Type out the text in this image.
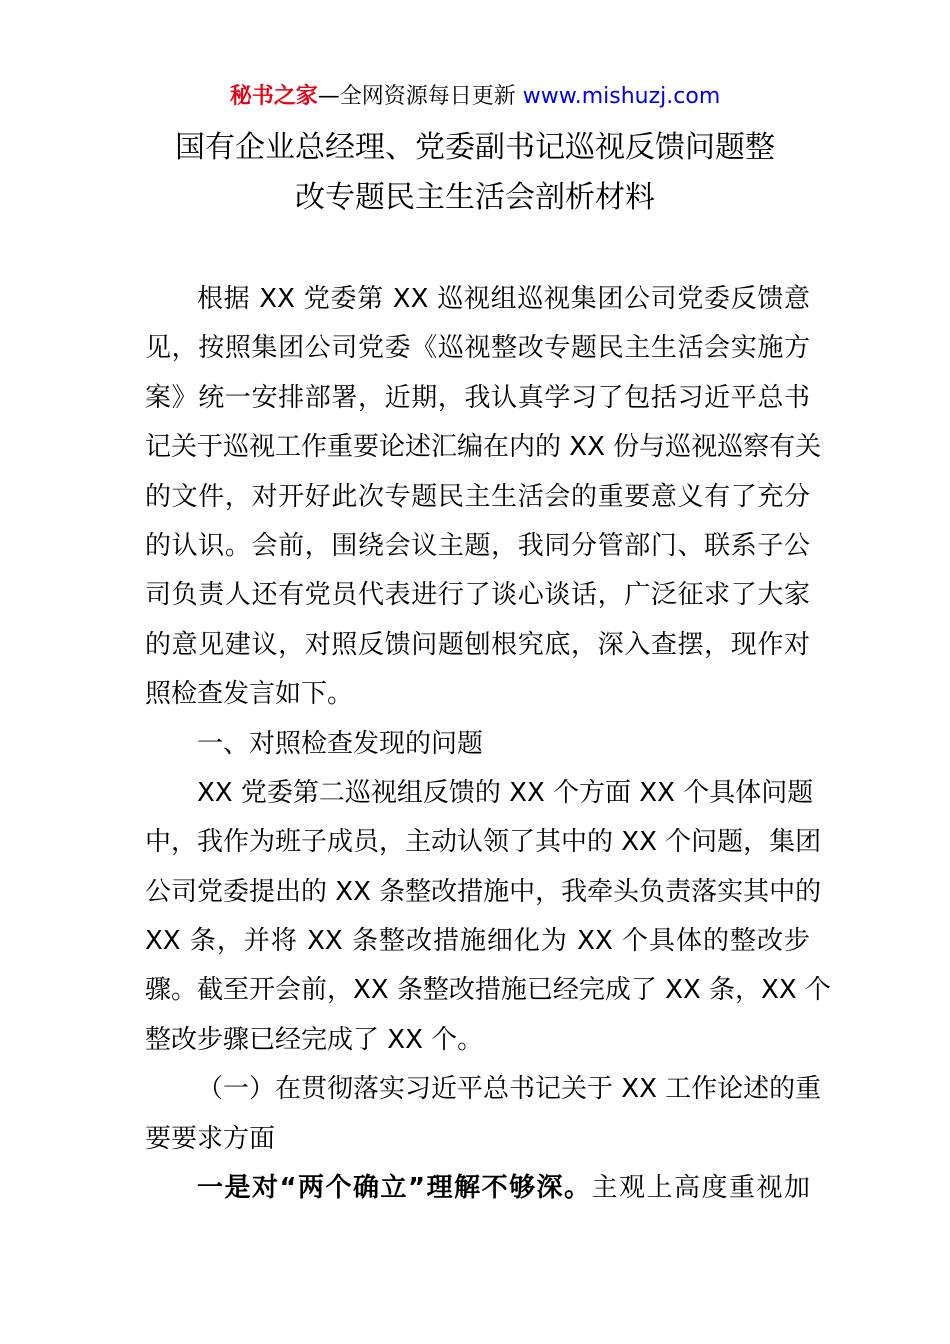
秘书之家—全网资源每日更新 www.mishuzj.com
国有企业总经理、党委副书记巡视反馈问题整
改专题民主生活会剖析材料
根据 XX 党委第 XX 巡视组巡视集团公司党委反馈意
见，按照集团公司党委《巡视整改专题民主生活会实施方
案》统一安排部署，近期，我认真学习了包括习近平总书
记关于巡视工作重要论述汇编在内的 XX 份与巡视巡察有关
的文件，对开好此次专题民主生活会的重要意义有了充分
的认识。会前，围绕会议主题，我同分管部门、联系子公
司负责人还有党员代表进行了谈心谈话，广泛征求了大家
的意见建议，对照反馈问题刨根究底，深入查摆，现作对
照检查发言如下。
一、对照检查发现的问题
XX 党委第二巡视组反馈的 XX 个方面 XX 个具体问题
中，我作为班子成员，主动认领了其中的 XX 个问题，集团
公司党委提出的 XX 条整改措施中，我牵头负责落实其中的
XX 条，并将 XX 条整改措施细化为 XX 个具体的整改步
骤。截至开会前，XX 条整改措施已经完成了 XX 条，XX 个
整改步骤已经完成了 XX 个。
（一）在贯彻落实习近平总书记关于 XX 工作论述的重
要要求方面
一是对“两个确立”理解不够深。主观上高度重视加
